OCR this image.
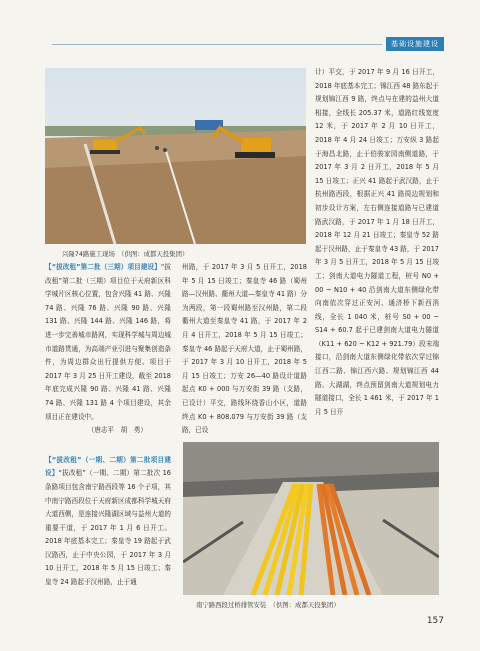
基础设施建设
兴隆74路施工现场　（供图：成都天投集团）

【“拔改租”第二批（三期）项目建设】“拔改租”第二批（三期）项目位于天府新区科学城片区核心位置，包含兴隆 41 路、兴隆 74 路、兴隆 76 路、兴隆 90 路、兴隆 131 路、兴隆 144 路、兴隆 146 路，将进一步完善城市路网，实现科学城与周边城市道路贯通，为高端产业引进与聚集创造条件，为周边群众出行提供方便。项目于 2017 年 3 月 25 日开工建设，截至 2018 年底完成兴隆 90 路、兴隆 41 路、兴隆 74 路、兴隆 131 路 4 个项目建设，其余项目正在建设中。

（唐志平　胡　勇）

【“拔改租”（一期、二期）第二批项目建设】“拔改租”（一期、二期）第二批次 16 条路项目包含南宁路西段等 16 个子项，其中南宁路西段位于天府新区成都科学城天府大道西侧，是连接兴隆湖区域与益州大道的重要干道，于 2017 年 1 月 6 日开工。2018 年底基本完工；秦皇寺 19 路起于武汉路西，止于中央公园，于 2017 年 3 月 10 日开工，2018 年 5 月 15 日竣工；秦皇寺 24 路起于汉州路，止于通

州路，于 2017 年 3 月 5 日开工，2018 年 5 月 15 日竣工；秦皇寺 46 路（蜀州路—汉州路、衢州大道—秦皇寺 41 路）分为两段，第一段蜀州路至汉州路，第二段衢州大道至秦皇寺 41 路，于 2017 年 2 月 4 日开工，2018 年 5 月 15 日竣工；秦皇寺 46 路起于天府大道，止于蜀州路，于 2017 年 3 月 10 日开工，2018 年 5 月 15 日竣工；万安 26—40 路设计道路起点 K0 + 000 与万安街 39 路（支路，已设计）平交，路线环绕香山小区，道路终点 K0 + 808.079 与万安街 39 路（支路，已设

计）平交，于 2017 年 9 月 16 日开工，2018 年底基本完工；锦江西 48 路东起于规划锦江西 9 路，终点与在建的益州大道相接，全线长 205.37 米，道路红线宽度 12 米，于 2017 年 2 月 10 日开工，2018 年 4 月 24 日竣工；万安纵 3 路起于海昌北路，止于伯骏家园南侧道路，于 2017 年 3 月 2 日开工，2018 年 5 月 15 日竣工；正兴 41 路起于武汉路，止于杭州路西段，根据正兴 41 路周边规划和初步设计方案，左右侧连接道路与已建道路武汉路，于 2017 年 1 月 18 日开工，2018 年 12 月 21 日竣工；秦皇寺 52 路起于汉州路，止于秦皇寺 43 路，于 2017 年 3 月 5 日开工，2018 年 5 月 15 日竣工；剑南大道电力隧道工程，桩号 N0 + 00 ~ N10 + 40 沿剑南大道东侧绿化带向南依次穿过正安河、通济桥下新西消线，全长 1 040 米，桩号 S0 + 00 ~ S14 + 60.7 起于已建剑南大道电力隧道（K11 + 620 ~ K12 + 921.79）段末端接口，沿剑南大道东侧绿化带依次穿过锦江西二路、锦江西六路、规划锦江西 44 路、大湖湖，终点预留剑南大道规划电力隧道接口，全长 1 461 米，于 2017 年 1 月 5 日开

南宁路西段过桥排管安装　（供图：成都天投集团）
157
